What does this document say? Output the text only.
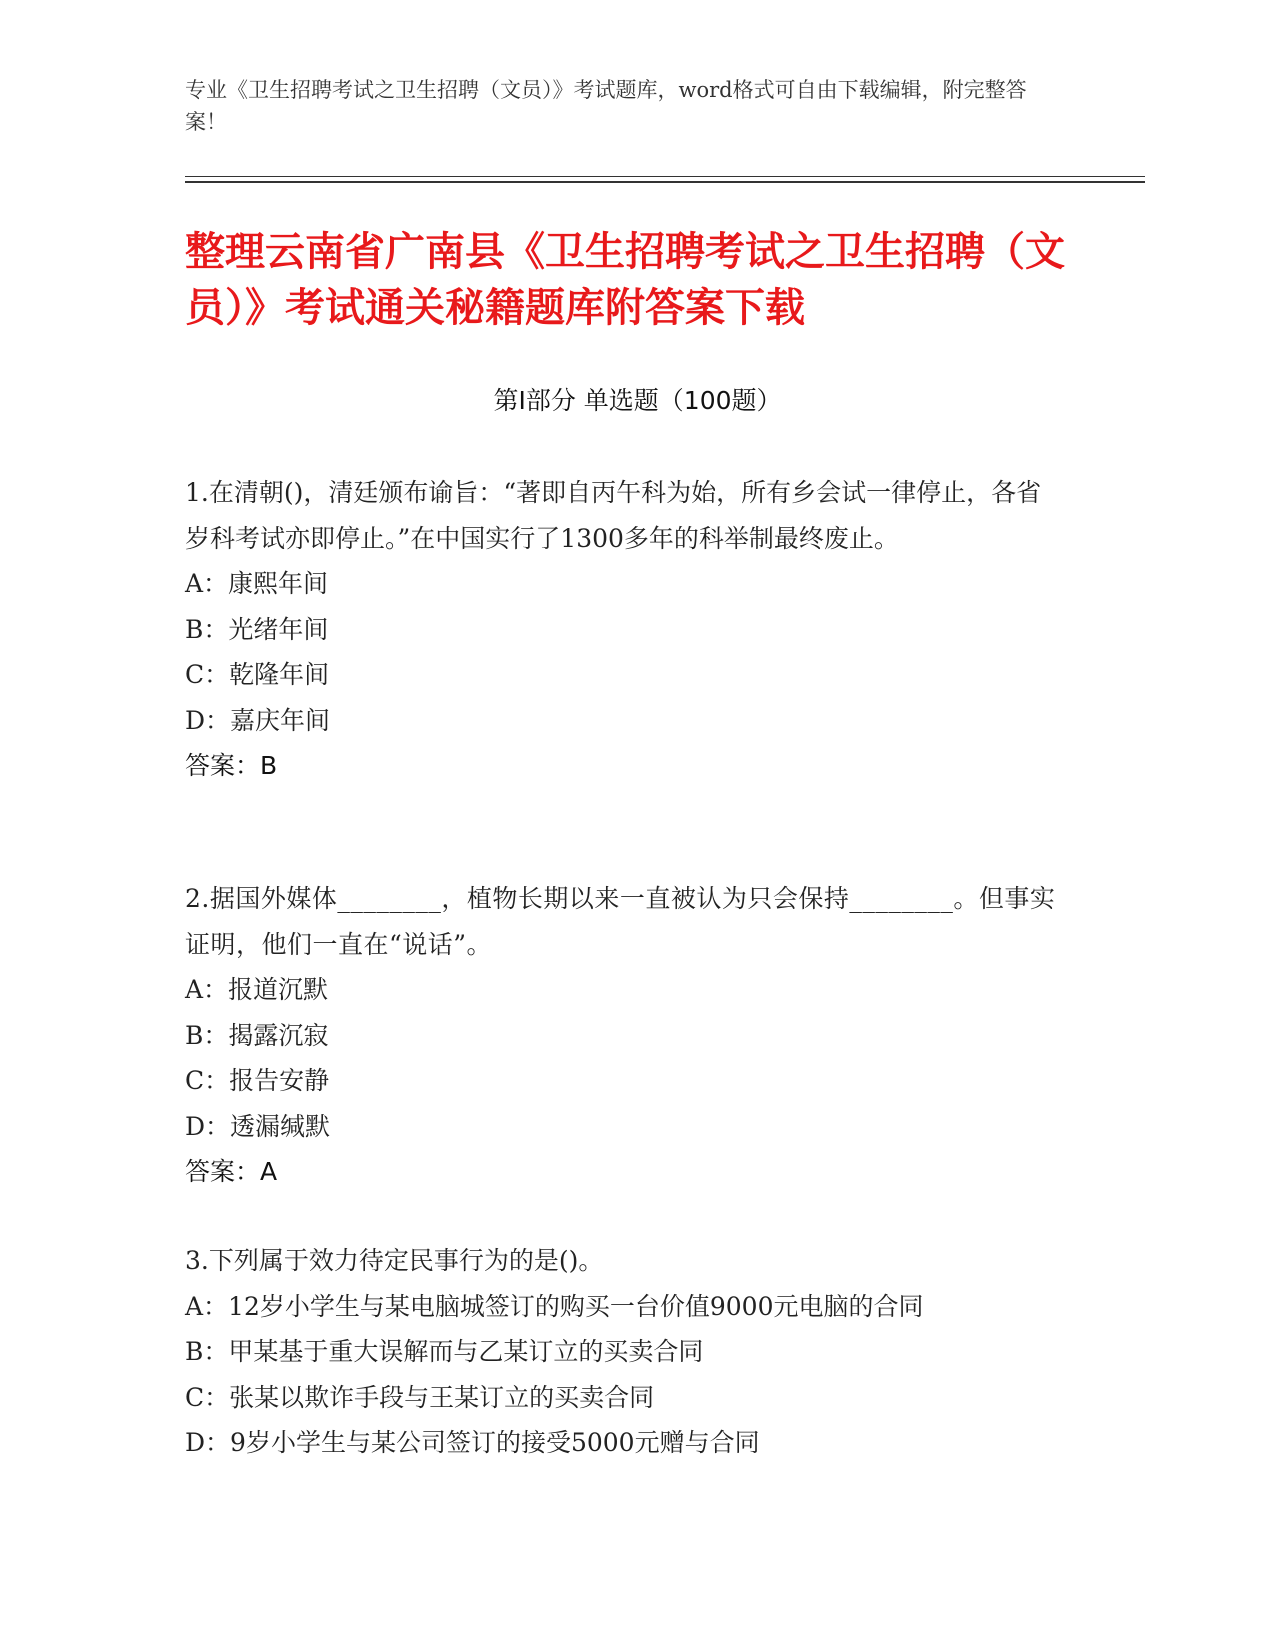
专业《卫生招聘考试之卫生招聘（文员）》考试题库，word格式可自由下载编辑，附完整答案！
整理云南省广南县《卫生招聘考试之卫生招聘（文员）》考试通关秘籍题库附答案下载
第Ⅰ部分 单选题（100题）

1.在清朝()，清廷颁布谕旨：“著即自丙午科为始，所有乡会试一律停止，各省岁科考试亦即停止。”在中国实行了1300多年的科举制最终废止。

A：康熙年间

B：光绪年间

C：乾隆年间

D：嘉庆年间

答案：B

2.据国外媒体________，植物长期以来一直被认为只会保持________。但事实证明，他们一直在“说话”。

A：报道沉默

B：揭露沉寂

C：报告安静

D：透漏缄默

答案：A

3.下列属于效力待定民事行为的是()。

A：12岁小学生与某电脑城签订的购买一台价值9000元电脑的合同

B：甲某基于重大误解而与乙某订立的买卖合同

C：张某以欺诈手段与王某订立的买卖合同

D：9岁小学生与某公司签订的接受5000元赠与合同
